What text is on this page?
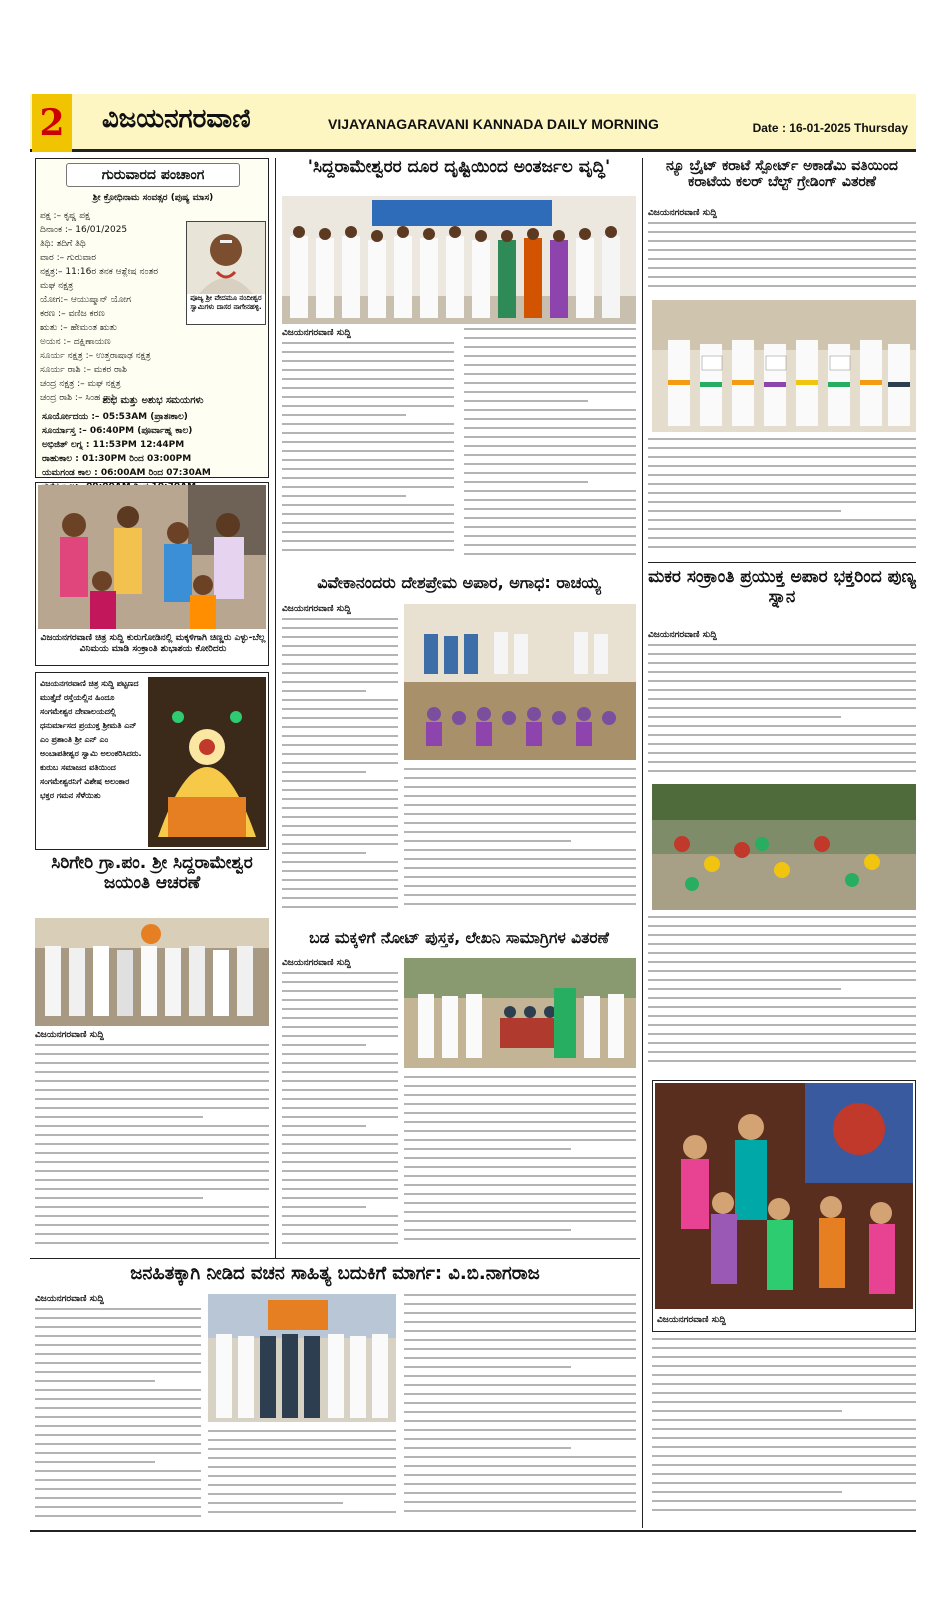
2 ವಿಜಯನಗರವಾಣಿ	VIJAYANAGARAVANI KANNADA DAILY MORNING	Date : 16-01-2025 Thursday
ಗುರುವಾರದ ಪಂಚಾಂಗ
ಶ್ರೀ ಕ್ರೋಧಿನಾಮ ಸಂವತ್ಸರ (ಪುಷ್ಯ ಮಾಸ)
ಪಕ್ಷ :– ಕೃಷ್ಣ ಪಕ್ಷ
ದಿನಾಂಕ :– 16/01/2025
ತಿಥಿ: ತದಿಗೆ ತಿಥಿ
ವಾರ :– ಗುರುವಾರ
ನಕ್ಷತ್ರ:– 11:16ರ ತನಕ ಆಶ್ಲೇಷ ನಂತರ
ಮಘ ನಕ್ಷತ್ರ
ಯೋಗ:– ಆಯುಷ್ಮಾನ್ ಯೋಗ
ಕರಣ :– ವಣಿಜ ಕರಣ
ಋತು :– ಹೇಮಂತ ಋತು
ಅಯನ :– ದಕ್ಷಿಣಾಯಣ
ಸೂರ್ಯ ನಕ್ಷತ್ರ :– ಉತ್ತರಾಷಾಢ ನಕ್ಷತ್ರ
ಸೂರ್ಯ ರಾಶಿ :– ಮಕರ ರಾಶಿ
ಚಂದ್ರ ನಕ್ಷತ್ರ :– ಮಘ ನಕ್ಷತ್ರ
ಚಂದ್ರ ರಾಶಿ :– ಸಿಂಹ ರಾಶಿ
ಪೂಜ್ಯ ಶ್ರೀ ವೇದಮೂ ನಂದೀಶ್ವರ ಸ್ವಾಮಿಗಳು ದಾಸರ ನಾಗೇನಹಳ್ಳಿ.
ಶುಭ ಮತ್ತು ಅಶುಭ ಸಮಯಗಳು
ಸೂರ್ಯೋದಯ :– 05:53AM (ಪ್ರಾತಃಕಾಲ)
ಸೂರ್ಯಾಸ್ತ :– 06:40PM (ಪೂರ್ವಾಹ್ನ ಕಾಲ)
ಅಭಿಜಿತ್ ಲಗ್ನ : 11:53PM 12:44PM
ರಾಹುಕಾಲ : 01:30PM ರಿಂದ 03:00PM
ಯಮಗಂಡ ಕಾಲ : 06:00AM ರಿಂದ 07:30AM
ವಿಜಯನಗರವಾಣಿ ಚಿತ್ರ ಸುದ್ದಿ ಕುರುಗೋಡಿನಲ್ಲಿ ಮಕ್ಕಳಿಗಾಗಿ ಚಿಣ್ಣರು ಎಳ್ಳು-ಬೆಲ್ಲ ವಿನಿಮಯ ಮಾಡಿ ಸಂಕ್ರಾಂತಿ ಶುಭಾಶಯ ಕೋರಿದರು
ವಿಜಯನಗರವಾಣಿ ಚಿತ್ರ ಸುದ್ದಿ ಪಟ್ಟಣದ ಮುತ್ತೈದೆ ರಸ್ತೆಯಲ್ಲಿನ ಹಿಂದೂ ಸಂಗಮೇಶ್ವರ ದೇವಾಲಯದಲ್ಲಿ ಧನುರ್ಮಾಸದ ಪ್ರಯುಕ್ತ ಶ್ರೀಮತಿ ಎನ್ ಎಂ ಪ್ರಶಾಂತಿ ಶ್ರೀ ಎನ್ ಎಂ ಅಂಬಾಪತೀಶ್ವರ ಸ್ವಾಮಿ ಅಲಂಕರಿಸಿದರು. ಕುರುಬ ಸಮಾಜದ ವತಿಯಿಂದ ಸಂಗಮೇಶ್ವರನಿಗೆ ವಿಶೇಷ ಅಲಂಕಾರ ಭಕ್ತರ ಗಮನ ಸೆಳೆಯಿತು
ಸಿರಿಗೇರಿ ಗ್ರಾ.ಪಂ. ಶ್ರೀ ಸಿದ್ದರಾಮೇಶ್ವರ ಜಯಂತಿ ಆಚರಣೆ
ವಿಜಯನಗರವಾಣಿ ಸುದ್ದಿ
'ಸಿದ್ದರಾಮೇಶ್ವರರ ದೂರ ದೃಷ್ಟಿಯಿಂದ ಅಂತರ್ಜಲ ವೃದ್ಧಿ'
ವಿಜಯನಗರವಾಣಿ ಸುದ್ದಿ
ವಿವೇಕಾನಂದರು ದೇಶಪ್ರೇಮ ಅಪಾರ, ಅಗಾಧ: ರಾಚಯ್ಯ
ವಿಜಯನಗರವಾಣಿ ಸುದ್ದಿ
ಬಡ ಮಕ್ಕಳಿಗೆ ನೋಟ್ ಪುಸ್ತಕ, ಲೇಖನಿ ಸಾಮಾಗ್ರಿಗಳ ವಿತರಣೆ
ವಿಜಯನಗರವಾಣಿ ಸುದ್ದಿ
ನ್ಯೂ ಬ್ರೈಟ್ ಕರಾಟೆ ಸ್ಪೋರ್ಟ್ ಅಕಾಡೆಮಿ ವತಿಯಿಂದ ಕರಾಟೆಯ ಕಲರ್ ಬೆಲ್ಟ್ ಗ್ರೇಡಿಂಗ್ ವಿತರಣೆ
ವಿಜಯನಗರವಾಣಿ ಸುದ್ದಿ
ಮಕರ ಸಂಕ್ರಾಂತಿ ಪ್ರಯುಕ್ತ ಅಪಾರ ಭಕ್ತರಿಂದ ಪುಣ್ಯ ಸ್ನಾನ
ವಿಜಯನಗರವಾಣಿ ಸುದ್ದಿ
ವಿಜಯನಗರವಾಣಿ ಸುದ್ದಿ
ಜನಹಿತಕ್ಕಾಗಿ ನೀಡಿದ ವಚನ ಸಾಹಿತ್ಯ ಬದುಕಿಗೆ ಮಾರ್ಗ: ವಿ.ಬಿ.ನಾಗರಾಜ
ವಿಜಯನಗರವಾಣಿ ಸುದ್ದಿ
